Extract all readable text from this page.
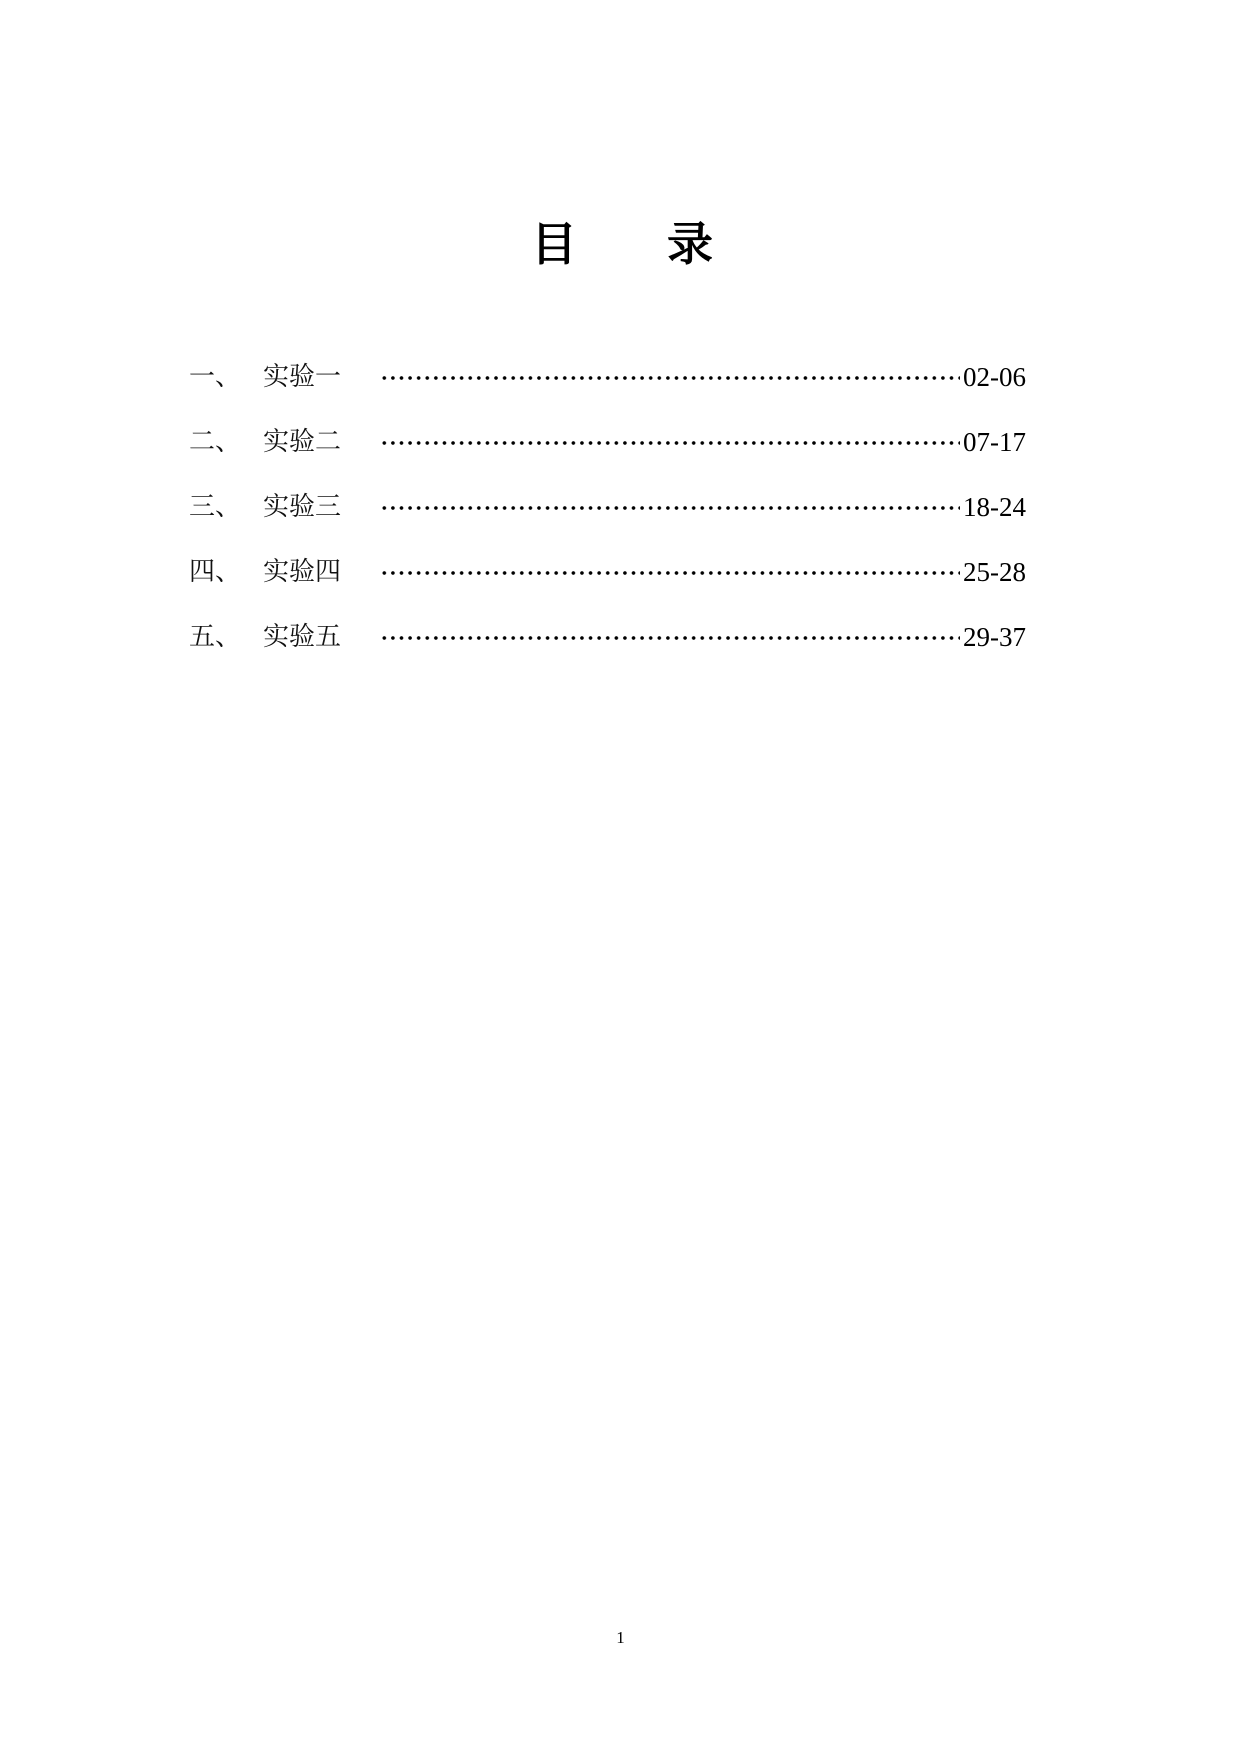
目 录
一、 实验一	02-06
二、 实验二	07-17
三、 实验三	18-24
四、 实验四	25-28
五、 实验五	29-37
1
